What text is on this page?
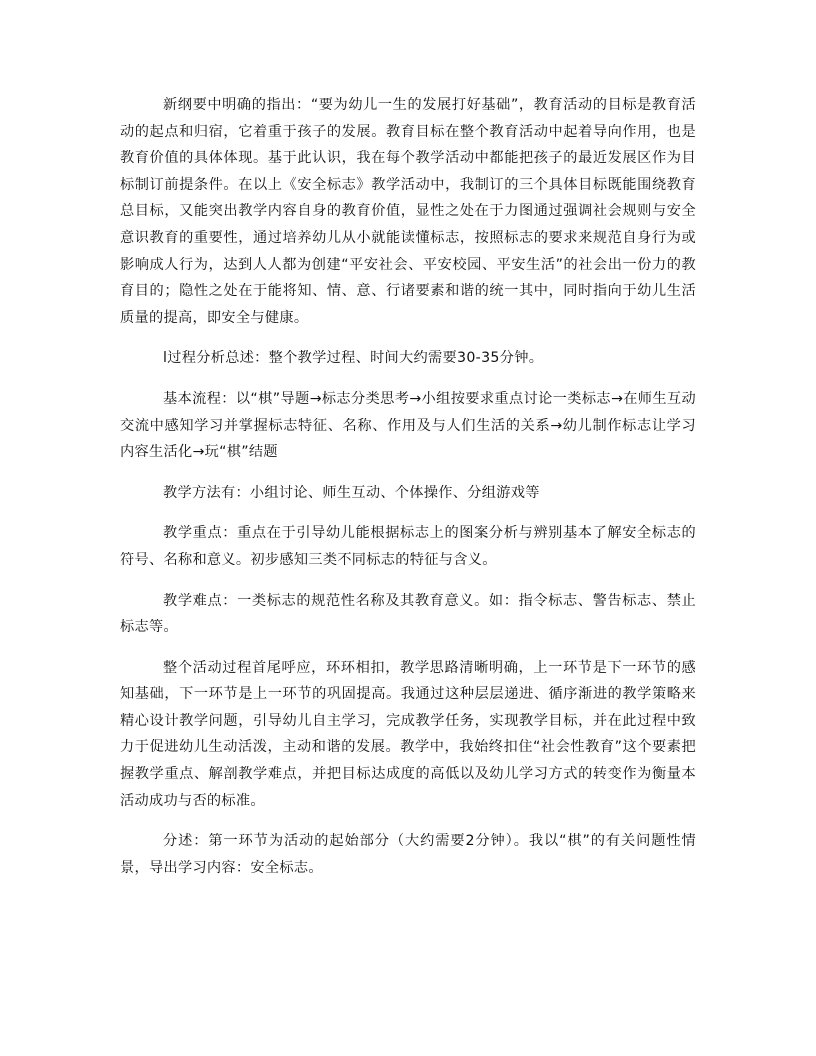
新纲要中明确的指出：“要为幼儿一生的发展打好基础”，教育活动的目标是教育活动的起点和归宿，它着重于孩子的发展。教育目标在整个教育活动中起着导向作用，也是教育价值的具体体现。基于此认识，我在每个教学活动中都能把孩子的最近发展区作为目标制订前提条件。在以上《安全标志》教学活动中，我制订的三个具体目标既能围绕教育总目标，又能突出教学内容自身的教育价值，显性之处在于力图通过强调社会规则与安全意识教育的重要性，通过培养幼儿从小就能读懂标志，按照标志的要求来规范自身行为或影响成人行为，达到人人都为创建“平安社会、平安校园、平安生活”的社会出一份力的教育目的；隐性之处在于能将知、情、意、行诸要素和谐的统一其中，同时指向于幼儿生活质量的提高，即安全与健康。

l过程分析总述：整个教学过程、时间大约需要30-35分钟。

基本流程：以“棋”导题→标志分类思考→小组按要求重点讨论一类标志→在师生互动交流中感知学习并掌握标志特征、名称、作用及与人们生活的关系→幼儿制作标志让学习内容生活化→玩“棋”结题

教学方法有：小组讨论、师生互动、个体操作、分组游戏等

教学重点：重点在于引导幼儿能根据标志上的图案分析与辨别基本了解安全标志的符号、名称和意义。初步感知三类不同标志的特征与含义。

教学难点：一类标志的规范性名称及其教育意义。如：指令标志、警告标志、禁止标志等。

整个活动过程首尾呼应，环环相扣，教学思路清晰明确，上一环节是下一环节的感知基础，下一环节是上一环节的巩固提高。我通过这种层层递进、循序渐进的教学策略来精心设计教学问题，引导幼儿自主学习，完成教学任务，实现教学目标，并在此过程中致力于促进幼儿生动活泼，主动和谐的发展。教学中，我始终扣住“社会性教育”这个要素把握教学重点、解剖教学难点，并把目标达成度的高低以及幼儿学习方式的转变作为衡量本活动成功与否的标准。

分述：第一环节为活动的起始部分（大约需要2分钟）。我以“棋”的有关问题性情景，导出学习内容：安全标志。
